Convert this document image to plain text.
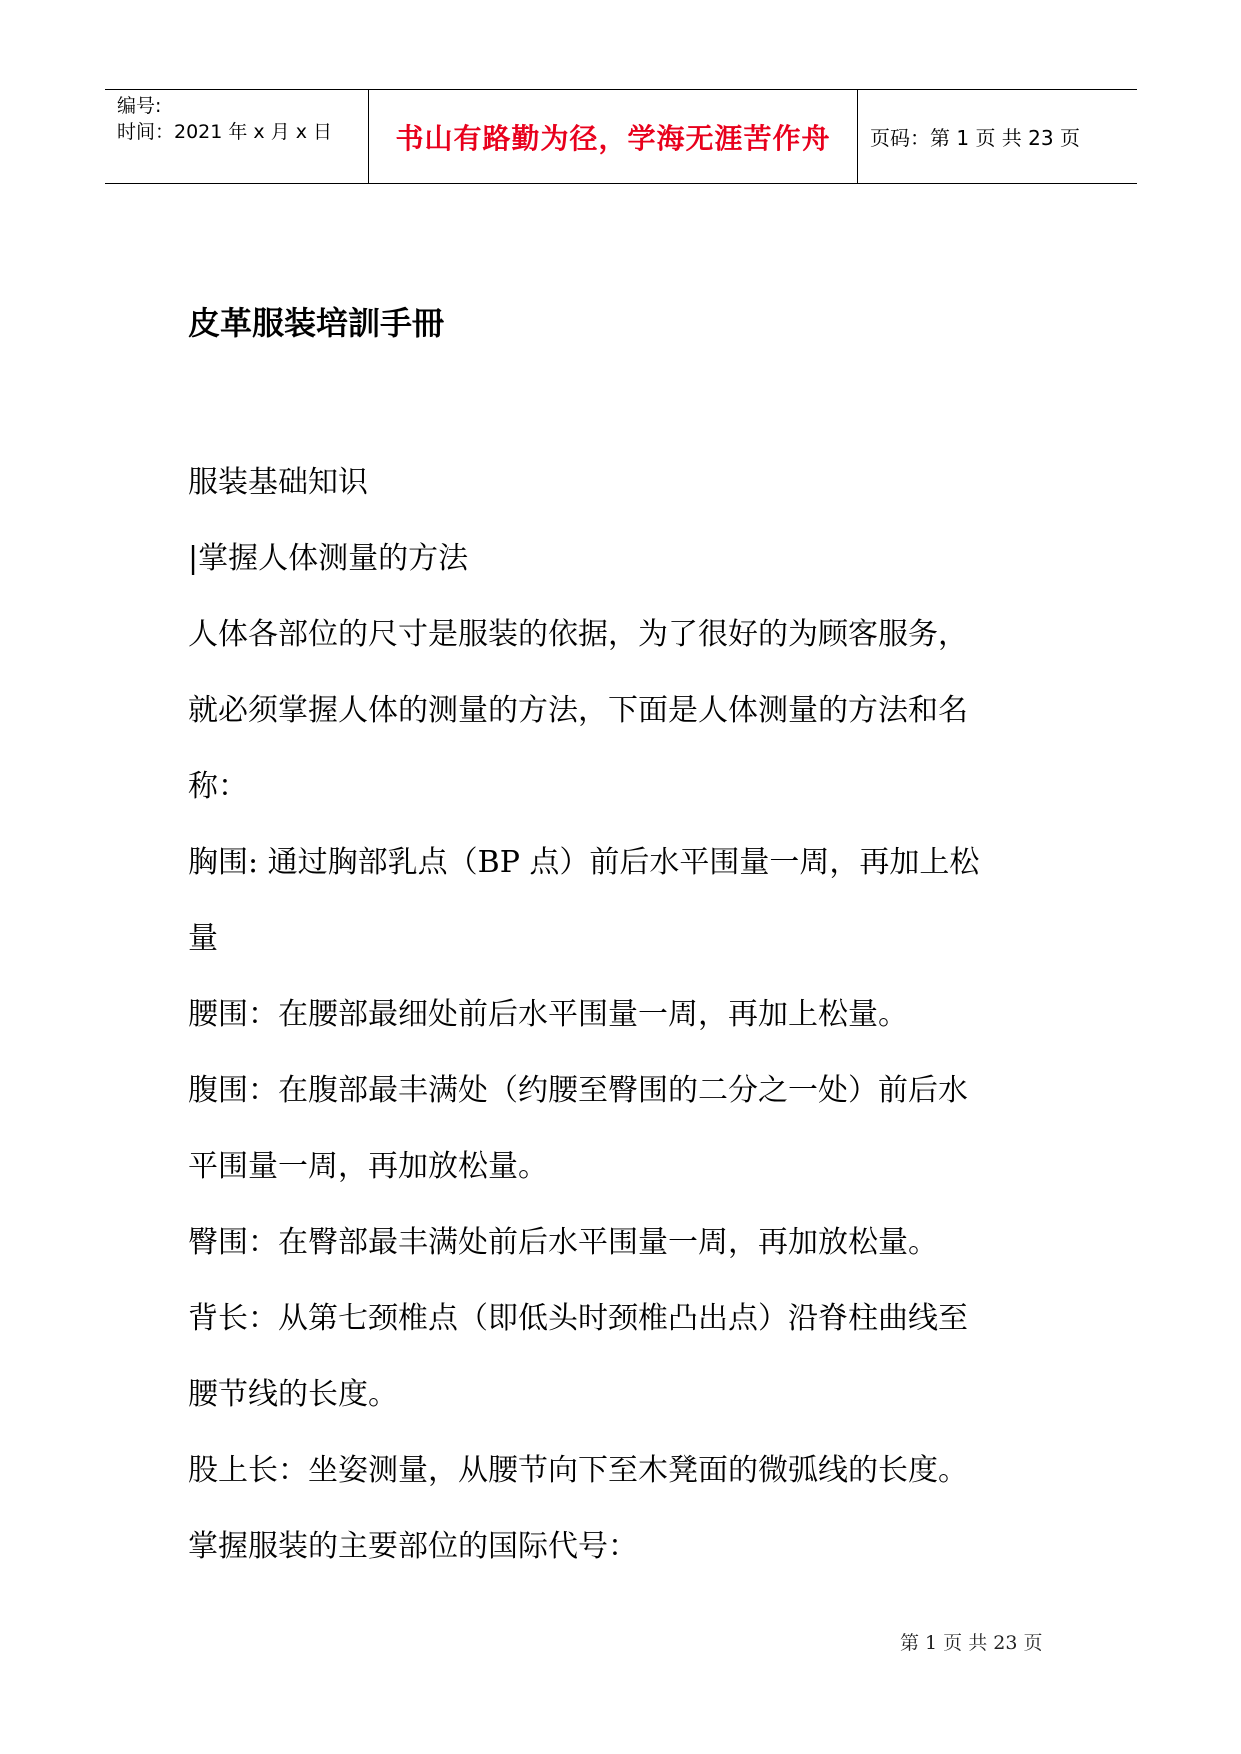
编号:
时间：2021 年 x 月 x 日	书山有路勤为径，学海无涯苦作舟	页码：第 1 页 共 23 页
皮革服装培訓手冊

服装基础知识

|掌握人体测量的方法

人体各部位的尺寸是服装的依据，为了很好的为顾客服务，

就必须掌握人体的测量的方法，下面是人体测量的方法和名

称：

胸围: 通过胸部乳点（BP 点）前后水平围量一周，再加上松

量

腰围：在腰部最细处前后水平围量一周，再加上松量。

腹围：在腹部最丰满处（约腰至臀围的二分之一处）前后水

平围量一周，再加放松量。

臀围：在臀部最丰满处前后水平围量一周，再加放松量。

背长：从第七颈椎点（即低头时颈椎凸出点）沿脊柱曲线至

腰节线的长度。

股上长：坐姿测量，从腰节向下至木凳面的微弧线的长度。

掌握服装的主要部位的国际代号：

第 1 页 共 23 页
